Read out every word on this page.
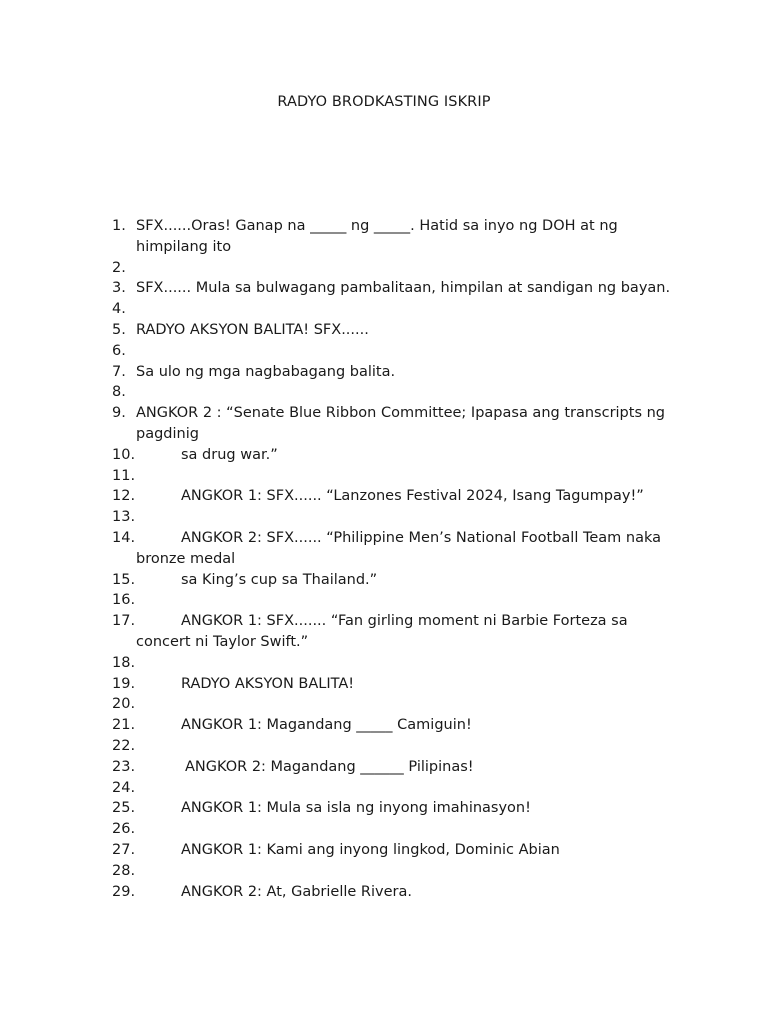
RADYO BRODKASTING ISKRIP
1. SFX......Oras! Ganap na _____ ng _____. Hatid sa inyo ng DOH at ng himpilang ito
2.

3. SFX...... Mula sa bulwagang pambalitaan, himpilan at sandigan ng bayan.
4.

5. RADYO AKSYON BALITA! SFX......
6.

7. Sa ulo ng mga nagbabagang balita.
8.

9. ANGKOR 2 : “Senate Blue Ribbon Committee; Ipapasa ang transcripts ng pagdinig
10.	sa drug war.”
11.

12.	ANGKOR 1: SFX...... “Lanzones Festival 2024, Isang Tagumpay!”
13.

14.	ANGKOR 2: SFX...... “Philippine Men’s National Football Team naka bronze medal
15.	sa King’s cup sa Thailand.”
16.

17.	ANGKOR 1: SFX....... “Fan girling moment ni Barbie Forteza sa concert ni Taylor Swift.”
18.

19.	RADYO AKSYON BALITA!
20.

21.	ANGKOR 1: Magandang _____ Camiguin!
22.

23.	ANGKOR 2: Magandang ______ Pilipinas!
24.

25.	ANGKOR 1: Mula sa isla ng inyong imahinasyon!
26.

27.	ANGKOR 1: Kami ang inyong lingkod, Dominic Abian
28.

29.	ANGKOR 2: At, Gabrielle Rivera.
